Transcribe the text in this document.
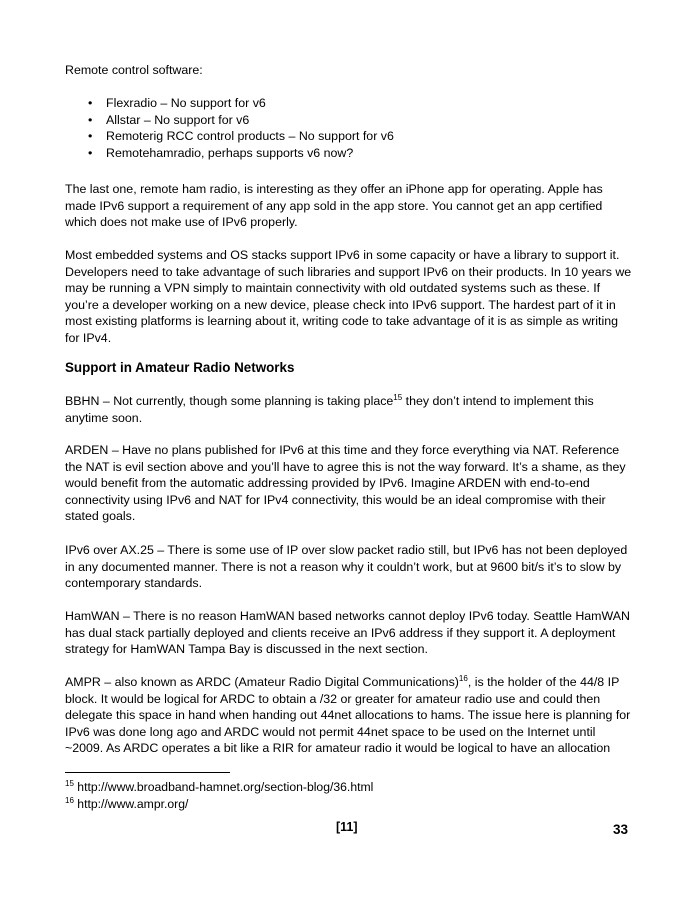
Remote control software:

• Flexradio – No support for v6
• Allstar – No support for v6
• Remoterig RCC control products – No support for v6
• Remotehamradio, perhaps supports v6 now?

The last one, remote ham radio, is interesting as they offer an iPhone app for operating. Apple has made IPv6 support a requirement of any app sold in the app store. You cannot get an app certified which does not make use of IPv6 properly.

Most embedded systems and OS stacks support IPv6 in some capacity or have a library to support it. Developers need to take advantage of such libraries and support IPv6 on their products. In 10 years we may be running a VPN simply to maintain connectivity with old outdated systems such as these. If you’re a developer working on a new device, please check into IPv6 support. The hardest part of it in most existing platforms is learning about it, writing code to take advantage of it is as simple as writing for IPv4.

Support in Amateur Radio Networks

BBHN – Not currently, though some planning is taking place$^{15}$ they don’t intend to implement this anytime soon.

ARDEN – Have no plans published for IPv6 at this time and they force everything via NAT. Reference the NAT is evil section above and you’ll have to agree this is not the way forward. It’s a shame, as they would benefit from the automatic addressing provided by IPv6. Imagine ARDEN with end-to-end connectivity using IPv6 and NAT for IPv4 connectivity, this would be an ideal compromise with their stated goals.

IPv6 over AX.25 – There is some use of IP over slow packet radio still, but IPv6 has not been deployed in any documented manner. There is not a reason why it couldn’t work, but at 9600 bit/s it’s to slow by contemporary standards.

HamWAN – There is no reason HamWAN based networks cannot deploy IPv6 today. Seattle HamWAN has dual stack partially deployed and clients receive an IPv6 address if they support it. A deployment strategy for HamWAN Tampa Bay is discussed in the next section.

AMPR – also known as ARDC (Amateur Radio Digital Communications)$^{16}$, is the holder of the 44/8 IP block. It would be logical for ARDC to obtain a /32 or greater for amateur radio use and could then delegate this space in hand when handing out 44net allocations to hams. The issue here is planning for IPv6 was done long ago and ARDC would not permit 44net space to be used on the Internet until ~2009. As ARDC operates a bit like a RIR for amateur radio it would be logical to have an allocation

$^{15}$ http://www.broadband-hamnet.org/section-blog/36.html
$^{16}$ http://www.ampr.org/
[11]	33
